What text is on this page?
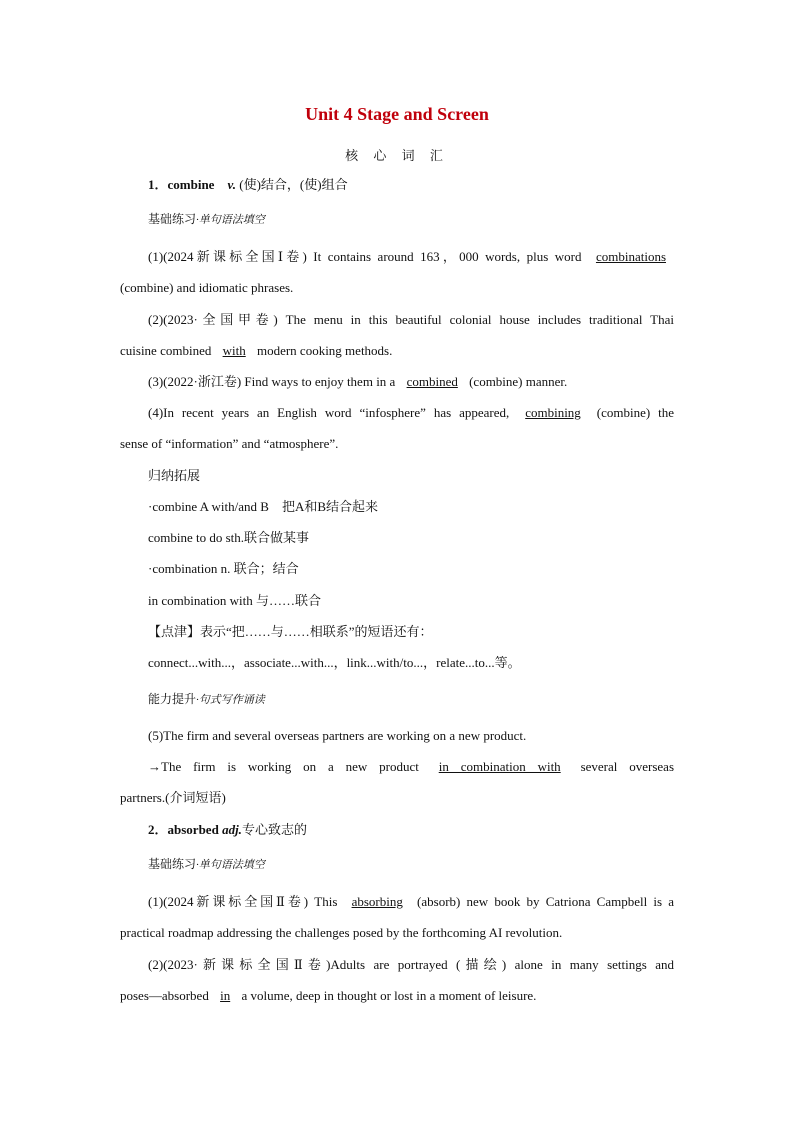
Unit 4 Stage and Screen
核 心 词 汇
1．combine v. (使)结合，(使)组合
基础练习·单句语法填空
(1)(2024新课标全国Ⅰ卷) It contains around 163，000 words, plus word combinations
(combine) and idiomatic phrases.
(2)(2023·全国甲卷) The menu in this beautiful colonial house includes traditional Thai
cuisine combined with modern cooking methods.
(3)(2022·浙江卷) Find ways to enjoy them in a combined (combine) manner.
(4)In recent years an English word “infosphere” has appeared, combining (combine) the
sense of “information” and “atmosphere”.
归纳拓展
·combine A with/and B　把A和B结合起来
combine to do sth.联合做某事
·combination n. 联合；结合
in combination with 与……联合
【点津】表示“把……与……相联系”的短语还有：
connect...with...，associate...with...，link...with/to...，relate...to...等。
能力提升·句式写作诵读
(5)The firm and several overseas partners are working on a new product.
→The firm is working on a new product in combination with several overseas
partners.(介词短语)
2．absorbed adj.专心致志的
基础练习·单句语法填空
(1)(2024新课标全国Ⅱ卷) This absorbing (absorb) new book by Catriona Campbell is a
practical roadmap addressing the challenges posed by the forthcoming AI revolution.
(2)(2023·新课标全国Ⅱ卷)Adults are portrayed (描绘) alone in many settings and
poses—absorbed in a volume, deep in thought or lost in a moment of leisure.
